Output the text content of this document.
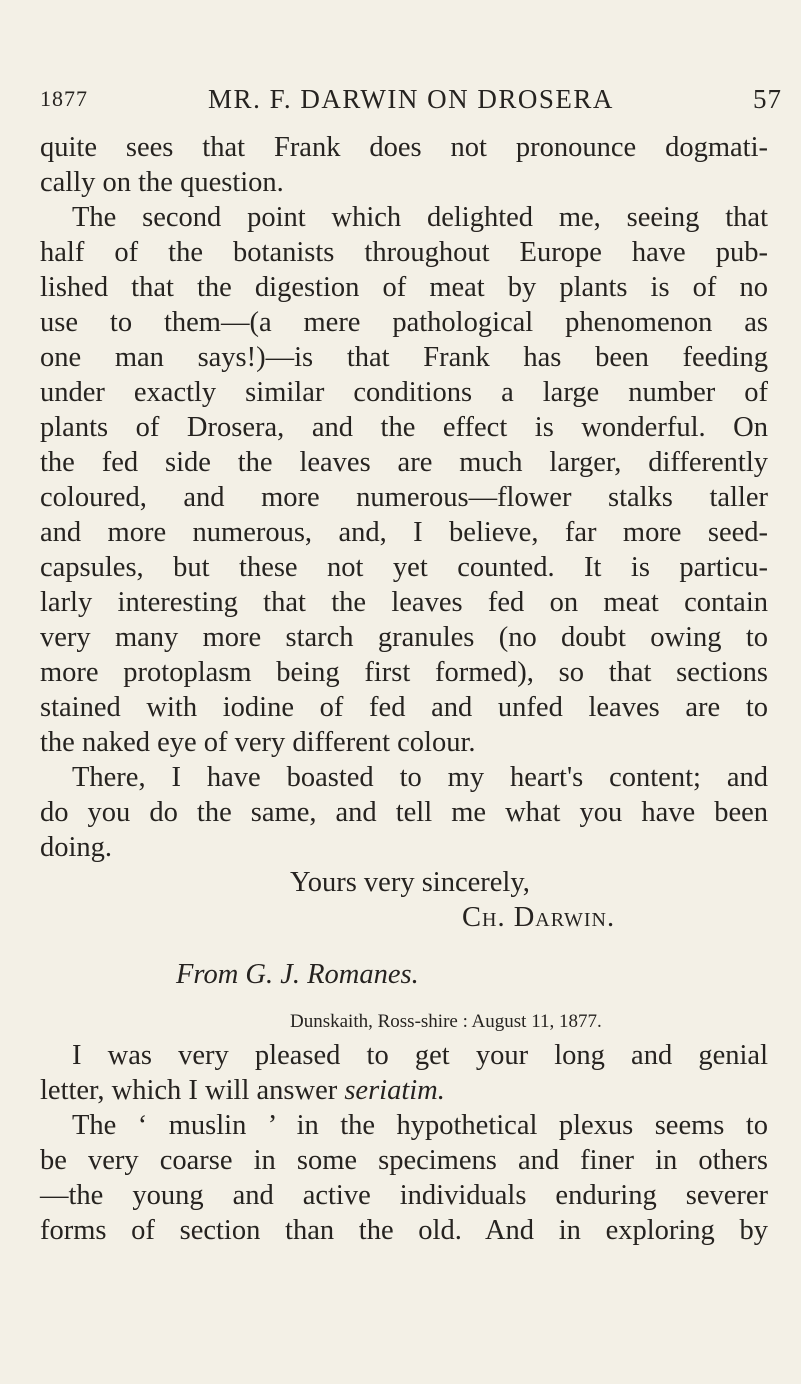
1877	MR. F. DARWIN ON DROSERA	57
quite sees that Frank does not pronounce dogmati-
cally on the question.
The second point which delighted me, seeing that
half of the botanists throughout Europe have pub-
lished that the digestion of meat by plants is of no
use to them—(a mere pathological phenomenon as
one man says!)—is that Frank has been feeding
under exactly similar conditions a large number of
plants of Drosera, and the effect is wonderful. On
the fed side the leaves are much larger, differently
coloured, and more numerous—flower stalks taller
and more numerous, and, I believe, far more seed-
capsules, but these not yet counted. It is particu-
larly interesting that the leaves fed on meat contain
very many more starch granules (no doubt owing to
more protoplasm being first formed), so that sections
stained with iodine of fed and unfed leaves are to
the naked eye of very different colour.
There, I have boasted to my heart's content; and
do you do the same, and tell me what you have been
doing.
Yours very sincerely,
Ch. Darwin.
From G. J. Romanes.
Dunskaith, Ross-shire : August 11, 1877.
I was very pleased to get your long and genial
letter, which I will answer seriatim.
The ‘ muslin ’ in the hypothetical plexus seems to
be very coarse in some specimens and finer in others
—the young and active individuals enduring severer
forms of section than the old. And in exploring by
